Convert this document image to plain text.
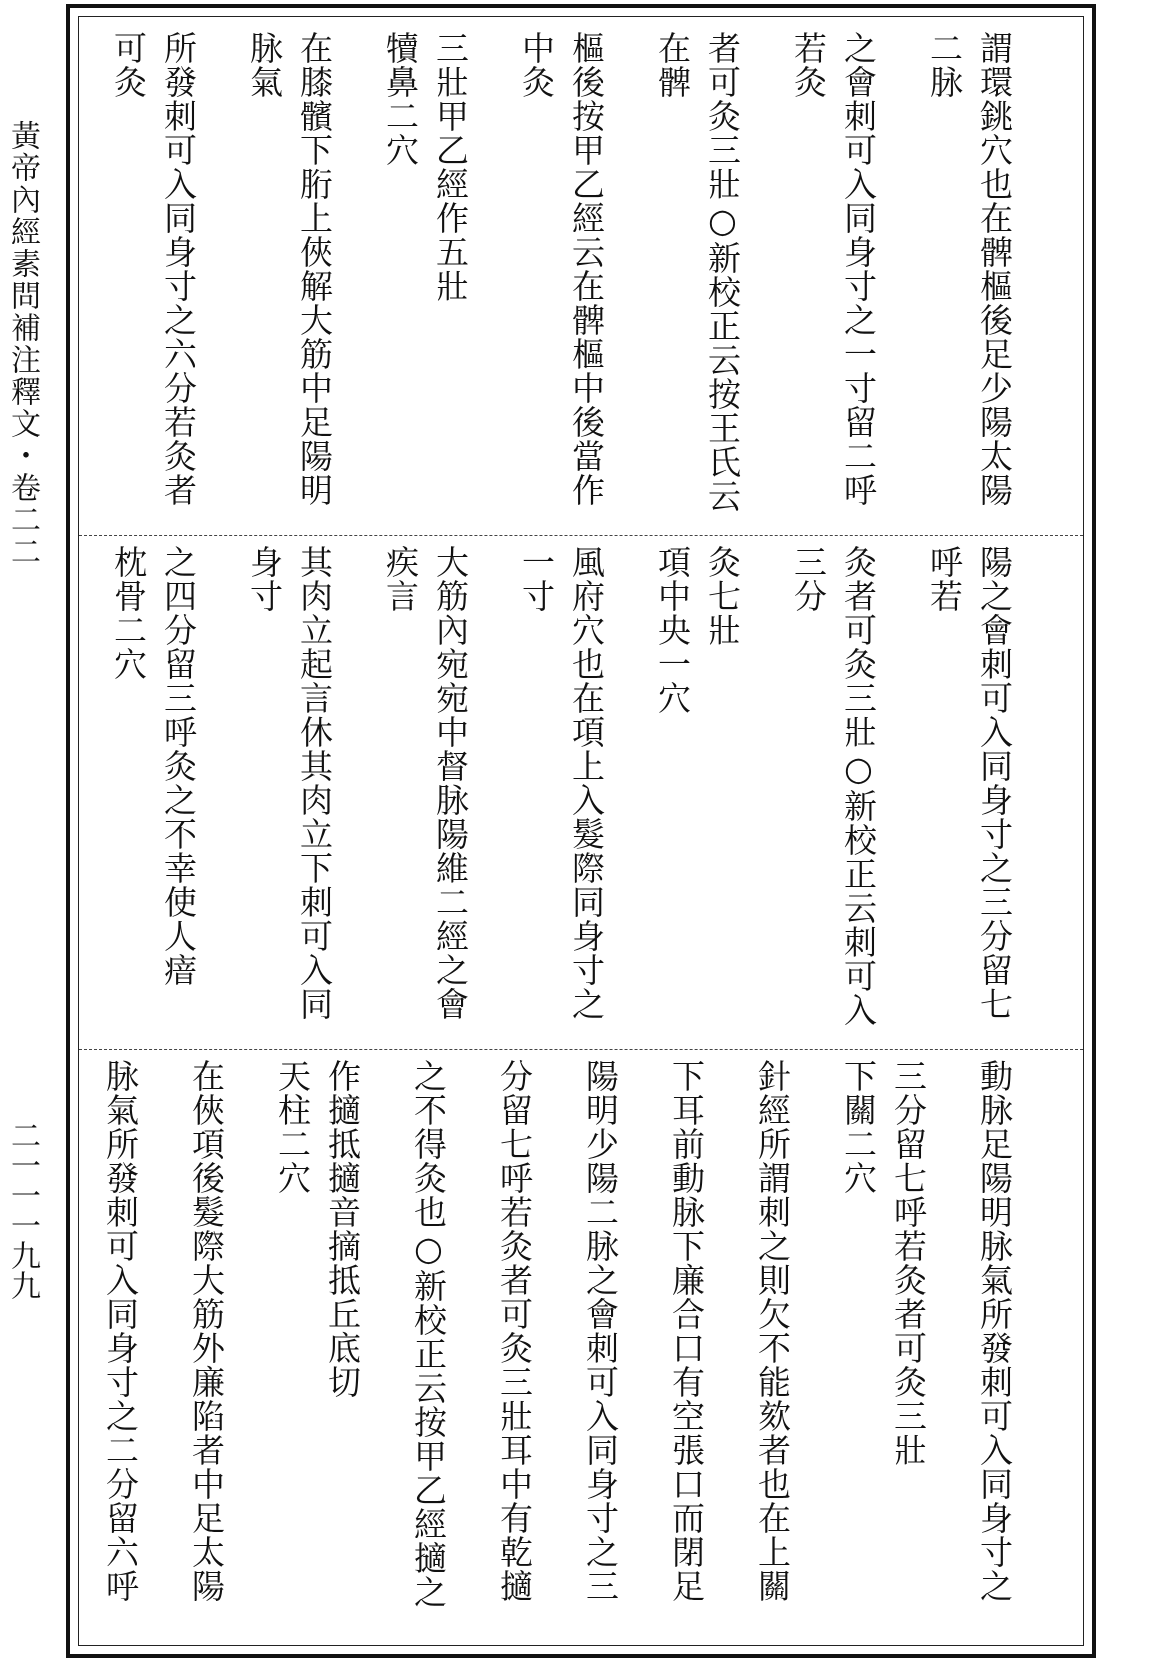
黃帝內經素問補注釋文・卷二二
二一一一九九

謂環銚穴也在髀樞後足少陽太陽二脉

之會刺可入同身寸之一寸留二呼若灸

者可灸三壯○新校正云按王氏云在髀

樞後按甲乙經云在髀樞中後當作中灸

三壯甲乙經作五壯

犢鼻二穴

在膝髕下胻上俠解大筋中足陽明脉氣

所發刺可入同身寸之六分若灸者可灸

陽之會刺可入同身寸之三分留七呼若

灸者可灸三壯○新校正云刺可入三分

灸七壯

項中央一穴

風府穴也在項上入髮際同身寸之一寸

大筋內宛宛中督脉陽維二經之會疾言

其肉立起言休其肉立下刺可入同身寸

之四分留三呼灸之不幸使人瘖

枕骨二穴

動脉足陽明脉氣所發刺可入同身寸之

三分留七呼若灸者可灸三壯

下關二穴

針經所謂刺之則欠不能欬者也在上關

下耳前動脉下廉合口有空張口而閉足

陽明少陽二脉之會刺可入同身寸之三

分留七呼若灸者可灸三壯耳中有乾擿

之不得灸也○新校正云按甲乙經擿之

作擿抵擿音摘抵丘底切

天柱二穴

在俠項後髮際大筋外廉陷者中足太陽

脉氣所發刺可入同身寸之二分留六呼
